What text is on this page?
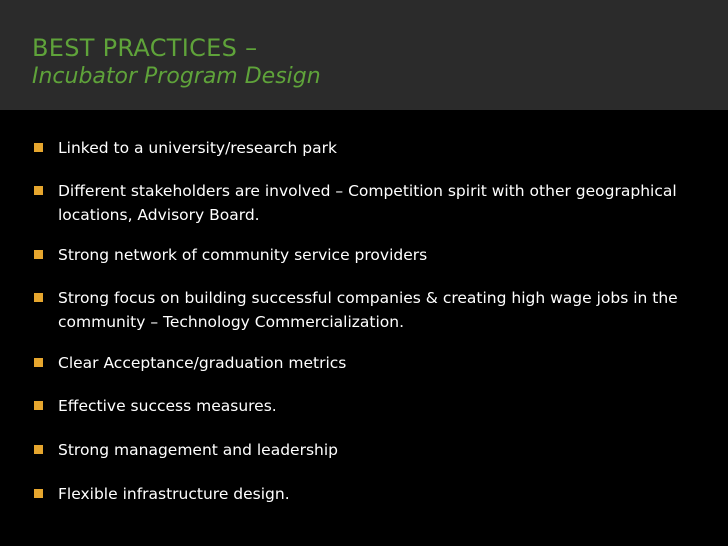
BEST PRACTICES –
Incubator Program Design
Linked to a university/research park
Different stakeholders are involved – Competition spirit with other geographical locations, Advisory Board.
Strong network of community service providers
Strong focus on building successful companies & creating high wage jobs in the community – Technology Commercialization.
Clear Acceptance/graduation metrics
Effective success measures.
Strong management and leadership
Flexible infrastructure design.
